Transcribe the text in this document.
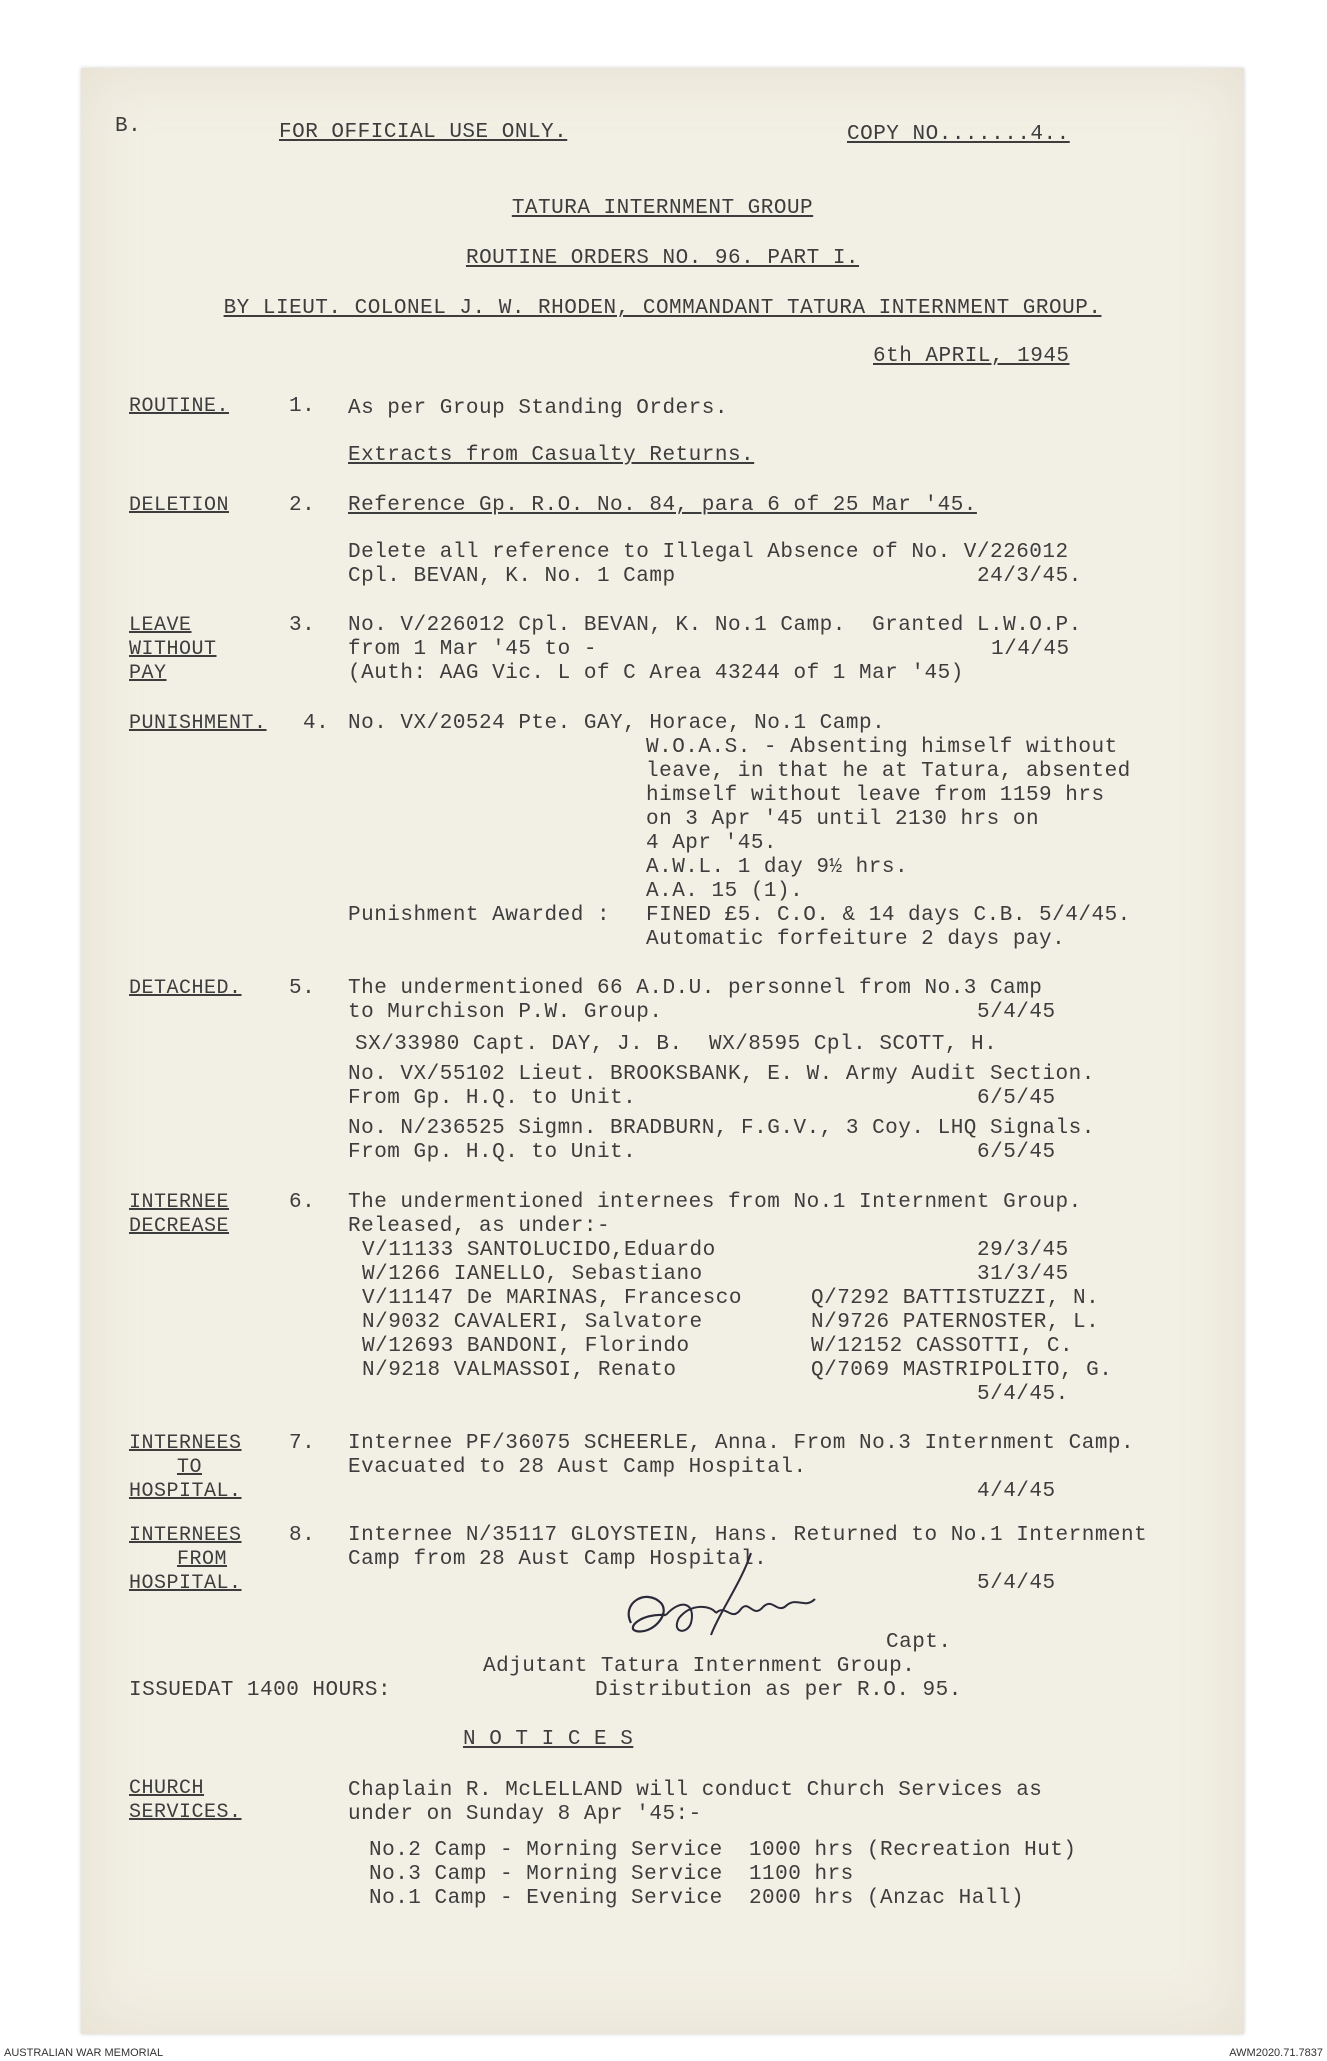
B.	FOR OFFICIAL USE ONLY.	COPY NO.......4..
TATURA INTERNMENT GROUP
ROUTINE ORDERS NO. 96. PART I.
BY LIEUT. COLONEL J. W. RHODEN, COMMANDANT TATURA INTERNMENT GROUP.
6th APRIL, 1945
ROUTINE.	1. As per Group Standing Orders.
Extracts from Casualty Returns.
DELETION	2. Reference Gp. R.O. No. 84, para 6 of 25 Mar '45.
Delete all reference to Illegal Absence of No. V/226012
Cpl. BEVAN, K. No. 1 Camp	24/3/45.
LEAVE
WITHOUT
PAY
3. No. V/226012 Cpl. BEVAN, K. No.1 Camp.  Granted L.W.O.P.
from 1 Mar '45 to -	1/4/45
(Auth: AAG Vic. L of C Area 43244 of 1 Mar '45)
PUNISHMENT. 4. No. VX/20524 Pte. GAY, Horace, No.1 Camp.
W.O.A.S. - Absenting himself without
leave, in that he at Tatura, absented
himself without leave from 1159 hrs
on 3 Apr '45 until 2130 hrs on
4 Apr '45.
A.W.L. 1 day 9½ hrs.
A.A. 15 (1).
Punishment Awarded : FINED £5. C.O. & 14 days C.B. 5/4/45.
Automatic forfeiture 2 days pay.
DETACHED. 5. The undermentioned 66 A.D.U. personnel from No.3 Camp
to Murchison P.W. Group.	5/4/45
SX/33980 Capt. DAY, J. B. WX/8595 Cpl. SCOTT, H.
No. VX/55102 Lieut. BROOKSBANK, E. W. Army Audit Section.
From Gp. H.Q. to Unit.	6/5/45
No. N/236525 Sigmn. BRADBURN, F.G.V., 3 Coy. LHQ Signals.
From Gp. H.Q. to Unit.	6/5/45
INTERNEE
DECREASE
6. The undermentioned internees from No.1 Internment Group.
Released, as under:-
V/11133 SANTOLUCIDO,Eduardo	29/3/45
W/1266 IANELLO, Sebastiano	31/3/45
V/11147 De MARINAS, Francesco	Q/7292 BATTISTUZZI, N.
N/9032 CAVALERI, Salvatore	N/9726 PATERNOSTER, L.
W/12693 BANDONI, Florindo	W/12152 CASSOTTI, C.
N/9218 VALMASSOI, Renato	Q/7069 MASTRIPOLITO, G.
5/4/45.
INTERNEES
TO
HOSPITAL.
7. Internee PF/36075 SCHEERLE, Anna. From No.3 Internment Camp.
Evacuated to 28 Aust Camp Hospital.
4/4/45
INTERNEES
FROM
HOSPITAL.
8. Internee N/35117 GLOYSTEIN, Hans. Returned to No.1 Internment
Camp from 28 Aust Camp Hospital.
5/4/45
Capt.
Adjutant Tatura Internment Group.
ISSUEDAT 1400 HOURS:	Distribution as per R.O. 95.
N O T I C E S
CHURCH
SERVICES.
Chaplain R. McLELLAND will conduct Church Services as
under on Sunday 8 Apr '45:-
No.2 Camp - Morning Service  1000 hrs (Recreation Hut)
No.3 Camp - Morning Service  1100 hrs
No.1 Camp - Evening Service  2000 hrs (Anzac Hall)
AUSTRALIAN WAR MEMORIAL	AWM2020.71.7837
